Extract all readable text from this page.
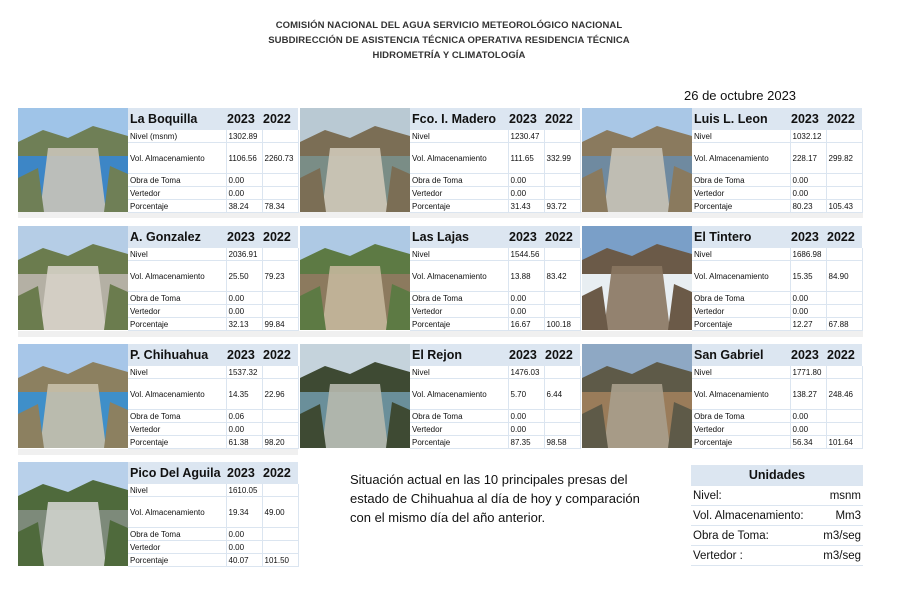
COMISIÓN NACIONAL DEL AGUA SERVICIO METEOROLÓGICO NACIONAL
SUBDIRECCIÓN DE ASISTENCIA TÉCNICA OPERATIVA RESIDENCIA TÉCNICA
HIDROMETRÍA Y CLIMATOLOGÍA
26 de octubre 2023
La Boquilla	2023	2022
Nivel (msnm)	1302.89	
Vol. Almacenamiento	1106.56	2260.73
Obra de Toma	0.00	
Vertedor	0.00	
Porcentaje	38.24	78.34
Fco. I. Madero	2023	2022
Nivel	1230.47	
Vol. Almacenamiento	111.65	332.99
Obra de Toma	0.00	
Vertedor	0.00	
Porcentaje	31.43	93.72
Luis L. Leon	2023	2022
Nivel	1032.12	
Vol. Almacenamiento	228.17	299.82
Obra de Toma	0.00	
Vertedor	0.00	
Porcentaje	80.23	105.43
A. Gonzalez	2023	2022
Nivel	2036.91	
Vol. Almacenamiento	25.50	79.23
Obra de Toma	0.00	
Vertedor	0.00	
Porcentaje	32.13	99.84
Las Lajas	2023	2022
Nivel	1544.56	
Vol. Almacenamiento	13.88	83.42
Obra de Toma	0.00	
Vertedor	0.00	
Porcentaje	16.67	100.18
El Tintero	2023	2022
Nivel	1686.98	
Vol. Almacenamiento	15.35	84.90
Obra de Toma	0.00	
Vertedor	0.00	
Porcentaje	12.27	67.88
P. Chihuahua	2023	2022
Nivel	1537.32	
Vol. Almacenamiento	14.35	22.96
Obra de Toma	0.06	
Vertedor	0.00	
Porcentaje	61.38	98.20
El Rejon	2023	2022
Nivel	1476.03	
Vol. Almacenamiento	5.70	6.44
Obra de Toma	0.00	
Vertedor	0.00	
Porcentaje	87.35	98.58
San Gabriel	2023	2022
Nivel	1771.80	
Vol. Almacenamiento	138.27	248.46
Obra de Toma	0.00	
Vertedor	0.00	
Porcentaje	56.34	101.64
Pico Del Aguila	2023	2022
Nivel	1610.05	
Vol. Almacenamiento	19.34	49.00
Obra de Toma	0.00	
Vertedor	0.00	
Porcentaje	40.07	101.50
Situación actual en las 10 principales presas del estado de Chihuahua al día de hoy y comparación con el mismo día del año anterior.
Unidades	
Nivel:	msnm
Vol. Almacenamiento:	Mm3
Obra de Toma:	m3/seg
Vertedor :	m3/seg
